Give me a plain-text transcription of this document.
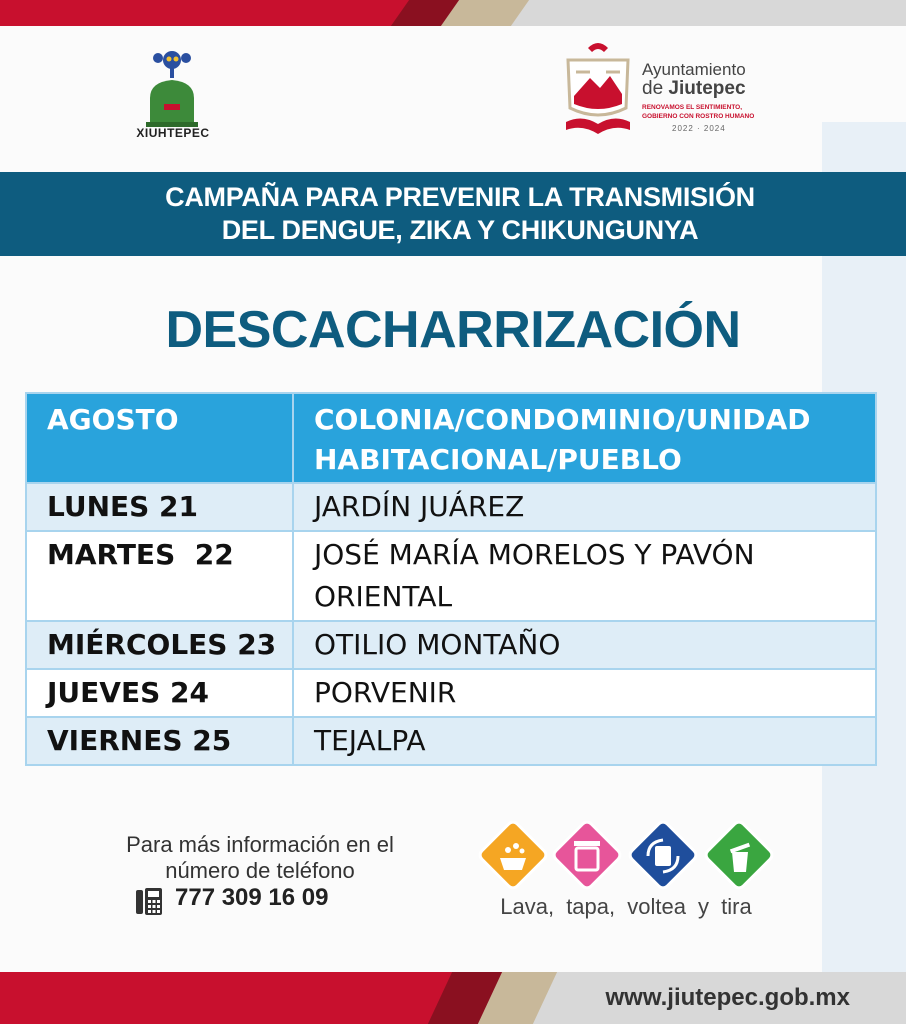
XIUHTEPEC
Ayuntamiento
de Jiutepec
RENOVAMOS EL SENTIMIENTO,
GOBIERNO CON ROSTRO HUMANO
2022 · 2024
CAMPAÑA PARA PREVENIR LA TRANSMISIÓN
DEL DENGUE, ZIKA Y CHIKUNGUNYA
DESCACHARRIZACIÓN
AGOSTO	COLONIA/CONDOMINIO/UNIDAD HABITACIONAL/PUEBLO
LUNES 21	JARDÍN JUÁREZ
MARTES  22	JOSÉ MARÍA MORELOS Y PAVÓN ORIENTAL
MIÉRCOLES 23	OTILIO MONTAÑO
JUEVES 24	PORVENIR
VIERNES 25	TEJALPA
Para más información en el
número de teléfono
777 309 16 09	Lava, tapa, voltea y tira
www.jiutepec.gob.mx
